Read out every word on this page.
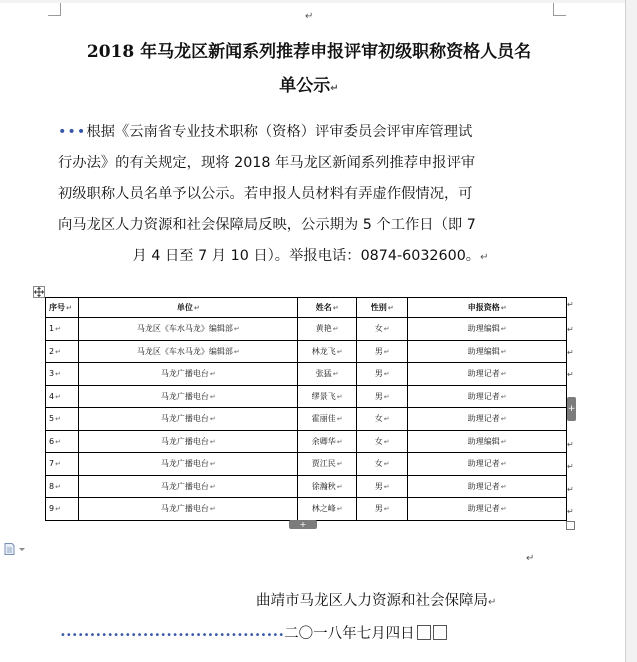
↵
2018 年马龙区新闻系列推荐申报评审初级职称资格人员名
单公示↵
•••根据《云南省专业技术职称（资格）评审委员会评审库管理试
行办法》的有关规定，现将 2018 年马龙区新闻系列推荐申报评审
初级职称人员名单予以公示。若申报人员材料有弄虚作假情况，可
向马龙区人力资源和社会保障局反映，公示期为 5 个工作日（即 7
月 4 日至 7 月 10 日）。举报电话：0874-6032600。↵
序号↵	单位↵	姓名↵	性别↵	申报资格↵
1↵	马龙区《车水马龙》编辑部↵	黄艳↵	女↵	助理编辑↵
2↵	马龙区《车水马龙》编辑部↵	林龙飞↵	男↵	助理编辑↵
3↵	马龙广播电台↵	张猛↵	男↵	助理记者↵
4↵	马龙广播电台↵	缪景飞↵	男↵	助理记者↵
5↵	马龙广播电台↵	霍丽佳↵	女↵	助理记者↵
6↵	马龙广播电台↵	余卿华↵	女↵	助理编辑↵
7↵	马龙广播电台↵	贾江民↵	女↵	助理记者↵
8↵	马龙广播电台↵	徐瀚秋↵	男↵	助理记者↵
9↵	马龙广播电台↵	林之峰↵	男↵	助理记者↵
↵
↵
↵
↵
↵
↵
↵
↵
+
+
↵
曲靖市马龙区人力资源和社会保障局↵
••••••••••••••••••••••••••••••••••••••二〇一八年七月四日
